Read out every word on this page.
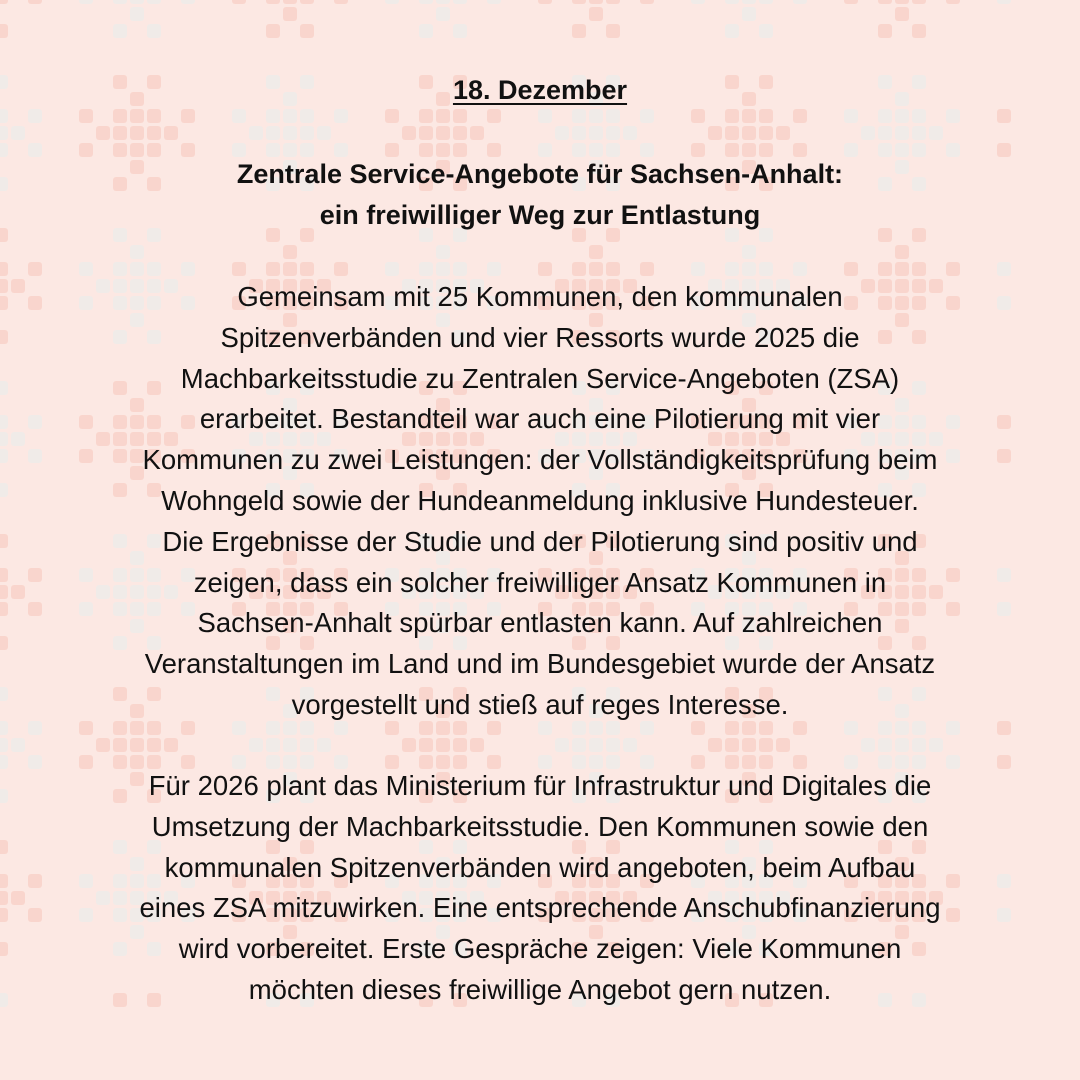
18. Dezember
Zentrale Service-Angebote für Sachsen-Anhalt:
ein freiwilliger Weg zur Entlastung
Gemeinsam mit 25 Kommunen, den kommunalen
Spitzenverbänden und vier Ressorts wurde 2025 die
Machbarkeitsstudie zu Zentralen Service-Angeboten (ZSA)
erarbeitet. Bestandteil war auch eine Pilotierung mit vier
Kommunen zu zwei Leistungen: der Vollständigkeitsprüfung beim
Wohngeld sowie der Hundeanmeldung inklusive Hundesteuer.
Die Ergebnisse der Studie und der Pilotierung sind positiv und
zeigen, dass ein solcher freiwilliger Ansatz Kommunen in
Sachsen-Anhalt spürbar entlasten kann. Auf zahlreichen
Veranstaltungen im Land und im Bundesgebiet wurde der Ansatz
vorgestellt und stieß auf reges Interesse.
Für 2026 plant das Ministerium für Infrastruktur und Digitales die
Umsetzung der Machbarkeitsstudie. Den Kommunen sowie den
kommunalen Spitzenverbänden wird angeboten, beim Aufbau
eines ZSA mitzuwirken. Eine entsprechende Anschubfinanzierung
wird vorbereitet. Erste Gespräche zeigen: Viele Kommunen
möchten dieses freiwillige Angebot gern nutzen.
